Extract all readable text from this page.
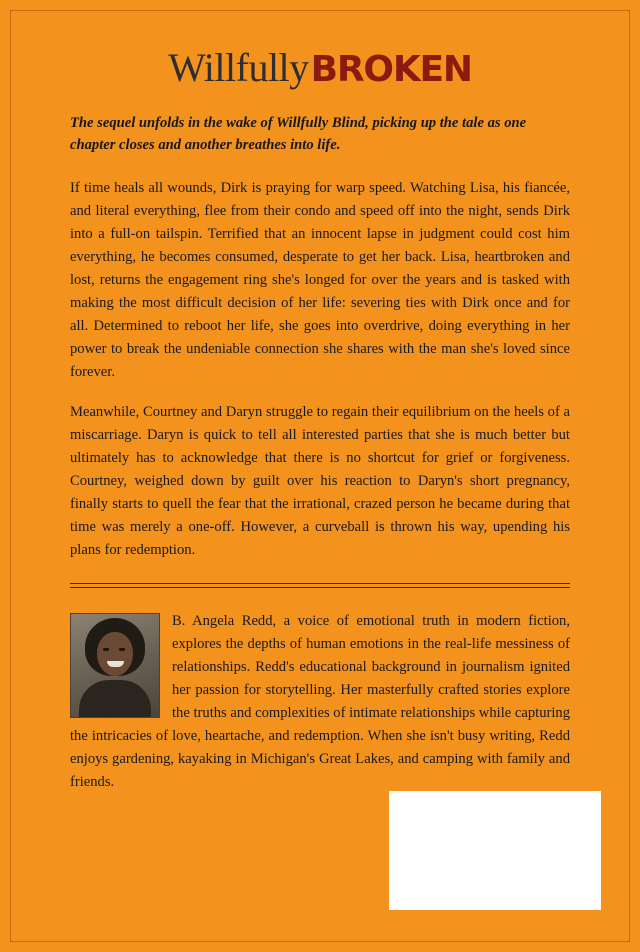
WillfullyBROKEN

The sequel unfolds in the wake of Willfully Blind, picking up the tale as one chapter closes and another breathes into life.

If time heals all wounds, Dirk is praying for warp speed. Watching Lisa, his fiancée, and literal everything, flee from their condo and speed off into the night, sends Dirk into a full-on tailspin. Terrified that an innocent lapse in judgment could cost him everything, he becomes consumed, desperate to get her back. Lisa, heartbroken and lost, returns the engagement ring she's longed for over the years and is tasked with making the most difficult decision of her life: severing ties with Dirk once and for all. Determined to reboot her life, she goes into overdrive, doing everything in her power to break the undeniable connection she shares with the man she's loved since forever.

Meanwhile, Courtney and Daryn struggle to regain their equilibrium on the heels of a miscarriage. Daryn is quick to tell all interested parties that she is much better but ultimately has to acknowledge that there is no shortcut for grief or forgiveness. Courtney, weighed down by guilt over his reaction to Daryn's short pregnancy, finally starts to quell the fear that the irrational, crazed person he became during that time was merely a one-off. However, a curveball is thrown his way, upending his plans for redemption.

B. Angela Redd, a voice of emotional truth in modern fiction, explores the depths of human emotions in the real-life messiness of relationships. Redd's educational background in journalism ignited her passion for storytelling. Her masterfully crafted stories explore the truths and complexities of intimate relationships while capturing the intricacies of love, heartache, and redemption. When she isn't busy writing, Redd enjoys gardening, kayaking in Michigan's Great Lakes, and camping with family and friends.
